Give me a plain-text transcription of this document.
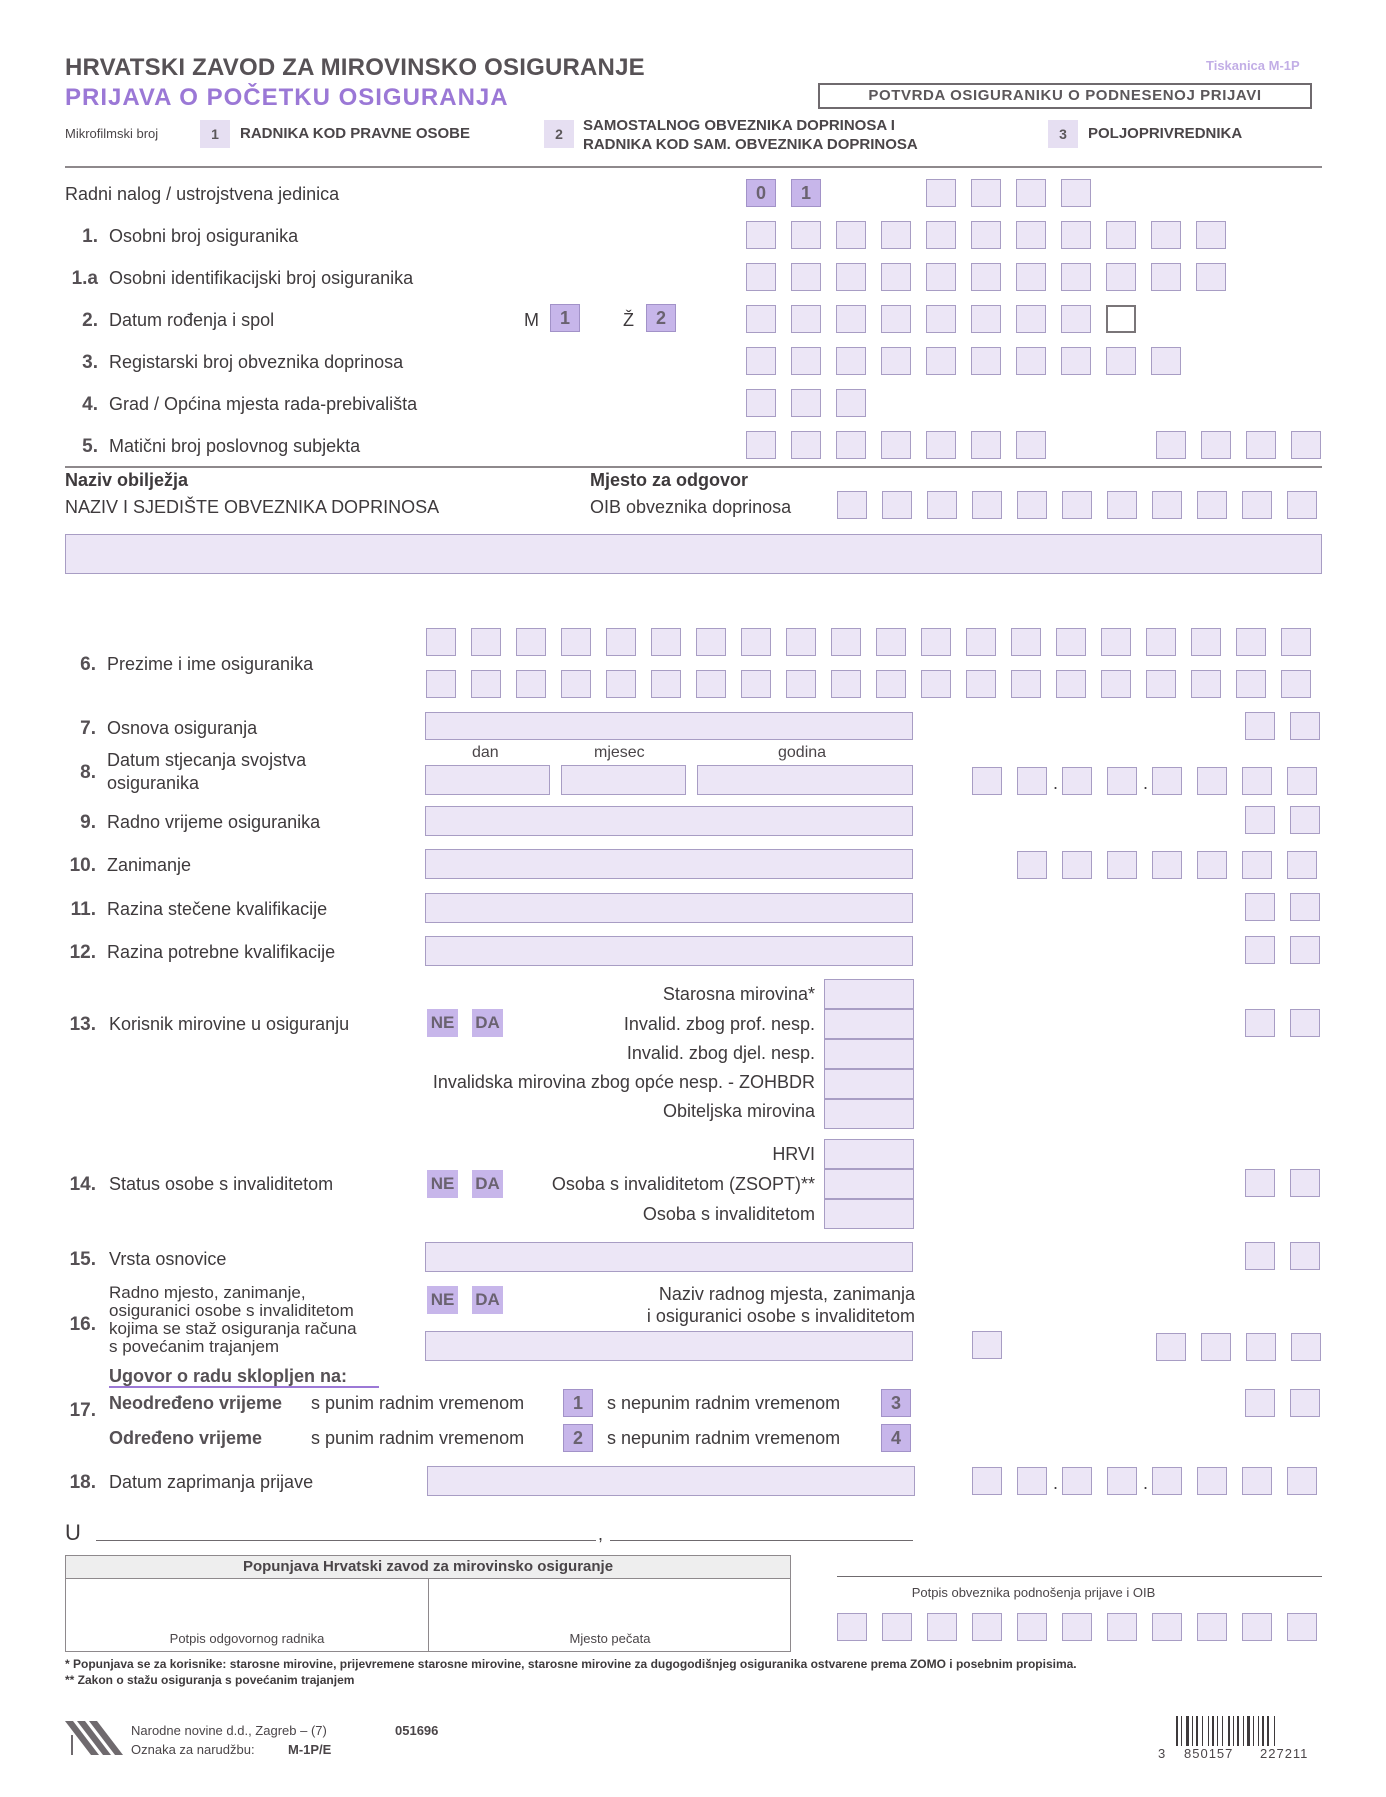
HRVATSKI ZAVOD ZA MIROVINSKO OSIGURANJE
PRIJAVA O POČETKU OSIGURANJA
Tiskanica M-1P
POTVRDA OSIGURANIKU O PODNESENOJ PRIJAVI
Mikrofilmski broj	1	RADNIKA KOD PRAVNE OSOBE	2	SAMOSTALNOG OBVEZNIKA DOPRINOSA I
RADNIKA KOD SAM. OBVEZNIKA DOPRINOSA
3	POLJOPRIVREDNIKA
Radni nalog / ustrojstvena jedinica	0	1
1. Osobni broj osiguranika
1.a Osobni identifikacijski broj osiguranika
2. Datum rođenja i spol	M	1	Ž	2
3. Registarski broj obveznika doprinosa
4. Grad / Općina mjesta rada-prebivališta
5. Matični broj poslovnog subjekta
Naziv obilježja	Mjesto za odgovor
NAZIV I SJEDIŠTE OBVEZNIKA DOPRINOSA	OIB obveznika doprinosa
6. Prezime i ime osiguranika
7. Osnova osiguranja
8.
Datum stjecanja svojstva
osiguranika
dan	mjesec	godina
.	.
9. Radno vrijeme osiguranika
10. Zanimanje
11. Razina stečene kvalifikacije
12. Razina potrebne kvalifikacije
13. Korisnik mirovine u osiguranju	NE DA
Starosna mirovina*
Invalid. zbog prof. nesp.
Invalid. zbog djel. nesp.
Invalidska mirovina zbog opće nesp. - ZOHBDR
Obiteljska mirovina
14. Status osobe s invaliditetom	NE DA
HRVI
Osoba s invaliditetom (ZSOPT)**
Osoba s invaliditetom
15. Vrsta osnovice
16.
Radno mjesto, zanimanje,
osiguranici osobe s invaliditetom
kojima se staž osiguranja računa
s povećanim trajanjem
NE DA	Naziv radnog mjesta, zanimanja
i osiguranici osobe s invaliditetom
17.
Ugovor o radu sklopljen na:
Neodređeno vrijeme s punim radnim vremenom	1	s nepunim radnim vremenom	3
Određeno vrijeme	s punim radnim vremenom	2	s nepunim radnim vremenom	4
18. Datum zaprimanja prijave	.	.
U	,
Popunjava Hrvatski zavod za mirovinsko osiguranje
Potpis odgovornog radnika	Mjesto pečata
Potpis obveznika podnošenja prijave i OIB
* Popunjava se za korisnike: starosne mirovine, prijevremene starosne mirovine, starosne mirovine za dugogodišnjeg osiguranika ostvarene prema ZOMO i posebnim propisima.
** Zakon o stažu osiguranja s povećanim trajanjem
Narodne novine d.d., Zagreb – (7)	051696
Oznaka za narudžbu:	M-1P/E	3 850157 227211
